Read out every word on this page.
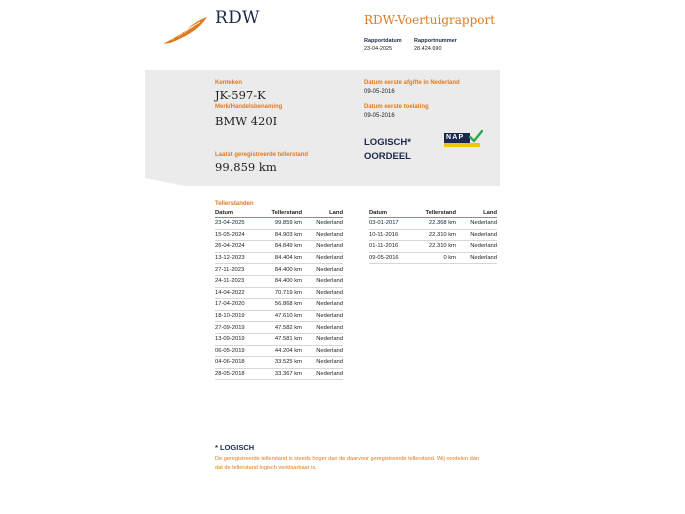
RDW	RDW-Voertuigrapport
Rapportdatum
23-04-2025
Rapportnummer
28.424.690
Kenteken
JK-597-K
Merk/Handelsbenaming
BMW 420I
Laatst geregistreerde tellerstand
99.859 km
Datum eerste afgifte in Nederland
09-05-2016
Datum eerste toelating
09-05-2016
LOGISCH*
OORDEEL
NAP
Tellerstanden
Datum	Tellerstand	Land
23-04-2025	99.859 km	Nederland
15-05-2024	84.903 km	Nederland
26-04-2024	84.849 km	Nederland
13-12-2023	84.404 km	Nederland
27-11-2023	84.400 km	Nederland
24-11-2023	84.400 km	Nederland
14-04-2022	70.719 km	Nederland
17-04-2020	56.868 km	Nederland
18-10-2019	47.610 km	Nederland
27-09-2019	47.582 km	Nederland
13-09-2019	47.581 km	Nederland
06-05-2019	44.204 km	Nederland
04-06-2018	33.525 km	Nederland
28-05-2018	33.367 km	Nederland
Datum	Tellerstand	Land
03-01-2017	22.368 km	Nederland
10-11-2016	22.310 km	Nederland
01-11-2016	22.310 km	Nederland
09-05-2016	0 km	Nederland
* LOGISCH
De geregistreerde tellerstand is steeds hoger dan de daarvoor geregistreerde tellerstand. Wij oordelen dan
dat de tellerstand logisch verklaarbaar is.
